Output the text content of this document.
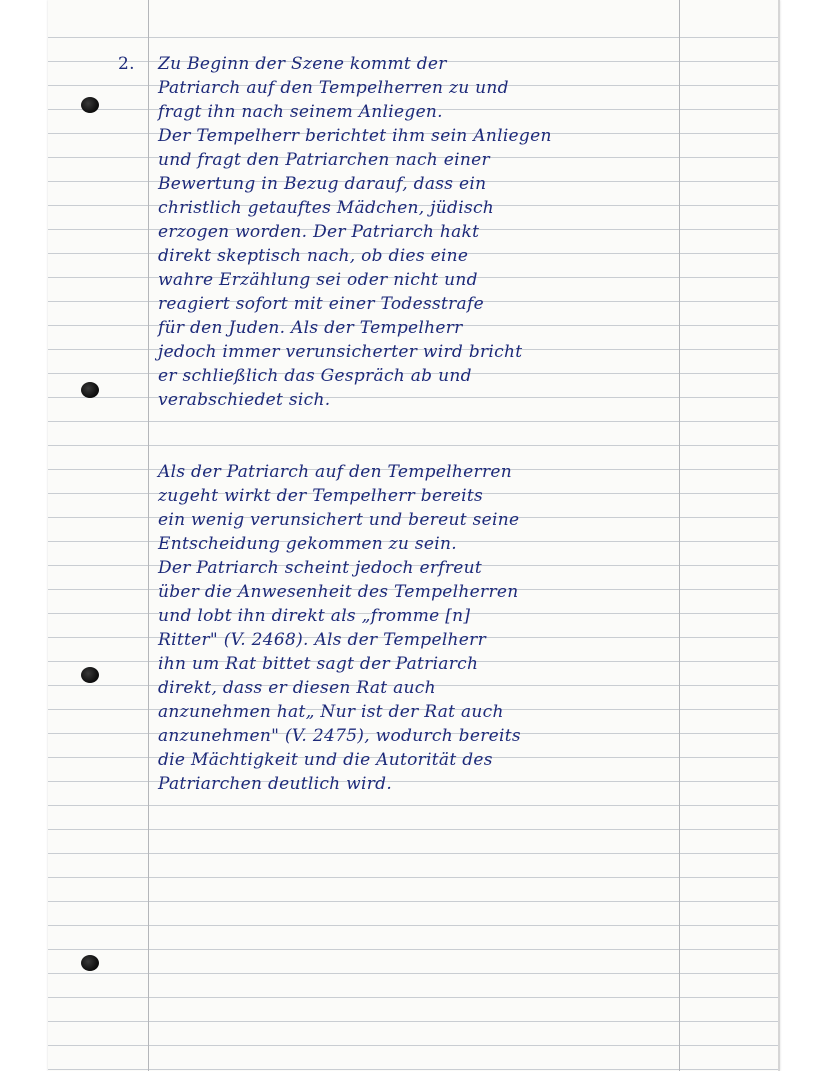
2. Zu Beginn der Szene kommt der
Patriarch auf den Tempelherren zu und
fragt ihn nach seinem Anliegen.
Der Tempelherr berichtet ihm sein Anliegen
und fragt den Patriarchen nach einer
Bewertung in Bezug darauf, dass ein
christlich getauftes Mädchen, jüdisch
erzogen worden. Der Patriarch hakt
direkt skeptisch nach, ob dies eine
wahre Erzählung sei oder nicht und
reagiert sofort mit einer Todesstrafe
für den Juden. Als der Tempelherr
jedoch immer verunsicherter wird bricht
er schließlich das Gespräch ab und
verabschiedet sich.
Als der Patriarch auf den Tempelherren
zugeht wirkt der Tempelherr bereits
ein wenig verunsichert und bereut seine
Entscheidung gekommen zu sein.
Der Patriarch scheint jedoch erfreut
über die Anwesenheit des Tempelherren
und lobt ihn direkt als „fromme [n]
Ritter" (V. 2468). Als der Tempelherr
ihn um Rat bittet sagt der Patriarch
direkt, dass er diesen Rat auch
anzunehmen hat„ Nur ist der Rat auch
anzunehmen" (V. 2475), wodurch bereits
die Mächtigkeit und die Autorität des
Patriarchen deutlich wird.
